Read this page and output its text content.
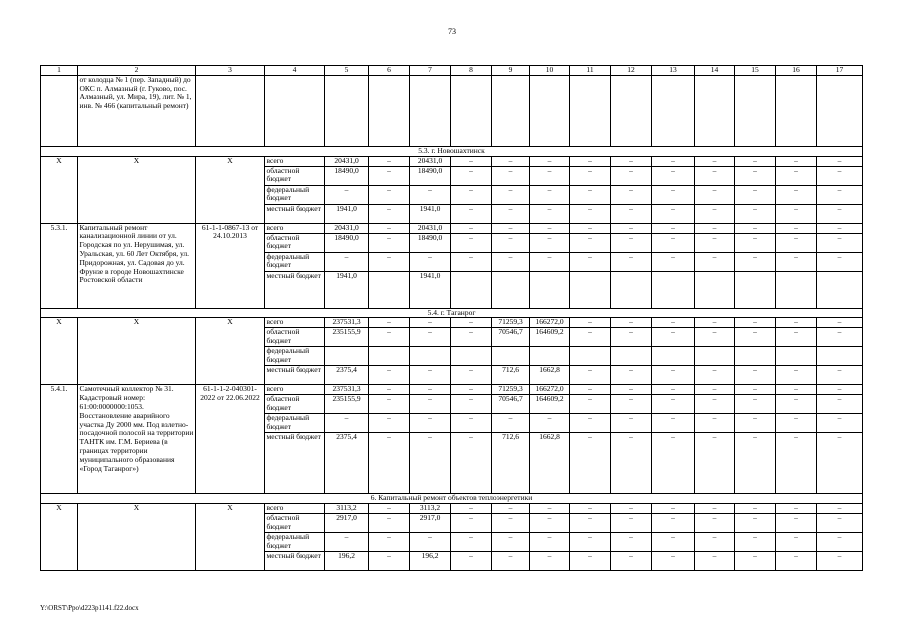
73
1	2	3	4	5	6	7	8	9	10	11	12	13	14	15	16	17
	от колодца № 1 (пер. Западный) до ОКС п. Алмазный (г. Гуково, пос. Алмазный, ул. Мира, 19), лит. № 1, инв. № 466 (капитальный ремонт)															
5.3. г. Новошахтинск																
X	X	X	всего	20431,0	–	20431,0	–	–	–	–	–	–	–	–	–	–
			областной бюджет	18490,0	–	18490,0	–	–	–	–	–	–	–	–	–	–
			федеральный бюджет	–	–	–	–	–	–	–	–	–	–	–	–	–
			местный бюджет	1941,0	–	1941,0	–	–	–	–	–	–	–	–	–	–
5.3.1.	Капитальный ремонт канализационной линии от ул. Городская по ул. Нерушимая, ул. Уральская, ул. 60 Лет Октября, ул. Придорожная, ул. Садовая до ул. Фрунзе в городе Новошахтинске Ростовской области	61-1-1-0867-13 от 24.10.2013	всего	20431,0	–	20431,0	–	–	–	–	–	–	–	–	–	–
			областной бюджет	18490,0	–	18490,0	–	–	–	–	–	–	–	–	–	–
			федеральный бюджет	–	–	–	–	–	–	–	–	–	–	–	–	–
			местный бюджет	1941,0		1941,0										
5.4. г. Таганрог																
X	X	X	всего	237531,3	–	–	–	71259,3	166272,0	–	–	–	–	–	–	–
			областной бюджет	235155,9	–	–	–	70546,7	164609,2	–	–	–	–	–	–	–
			федеральный бюджет													
			местный бюджет	2375,4	–	–	–	712,6	1662,8	–	–	–	–	–	–	–
5.4.1.	Самотечный коллектор № 31. Кадастровый номер: 61:00:0000000:1053. Восстановление аварийного участка Ду 2000 мм. Под взлетно-посадочной полосой на территории ТАНТК им. Г.М. Бериева (в границах территории муниципального образования «Город Таганрог»)	61-1-1-2-040301-2022 от 22.06.2022	всего	237531,3	–	–	–	71259,3	166272,0	–	–	–	–	–	–	–
			областной бюджет	235155,9	–	–	–	70546,7	164609,2	–	–	–	–	–	–	–
			федеральный бюджет	–	–	–	–	–	–	–	–	–	–	–	–	–
			местный бюджет	2375,4	–	–	–	712,6	1662,8	–	–	–	–	–	–	–
6. Капитальный ремонт объектов теплоэнергетики																
X	X	X	всего	3113,2	–	3113,2	–	–	–	–	–	–	–	–	–	–
			областной бюджет	2917,0	–	2917,0	–	–	–	–	–	–	–	–	–	–
			федеральный бюджет	–	–	–	–	–	–	–	–	–	–	–	–	–
			местный бюджет	196,2	–	196,2	–	–	–	–	–	–	–	–	–	–
Y:\ORST\Ppo\d223p1141.f22.docx
